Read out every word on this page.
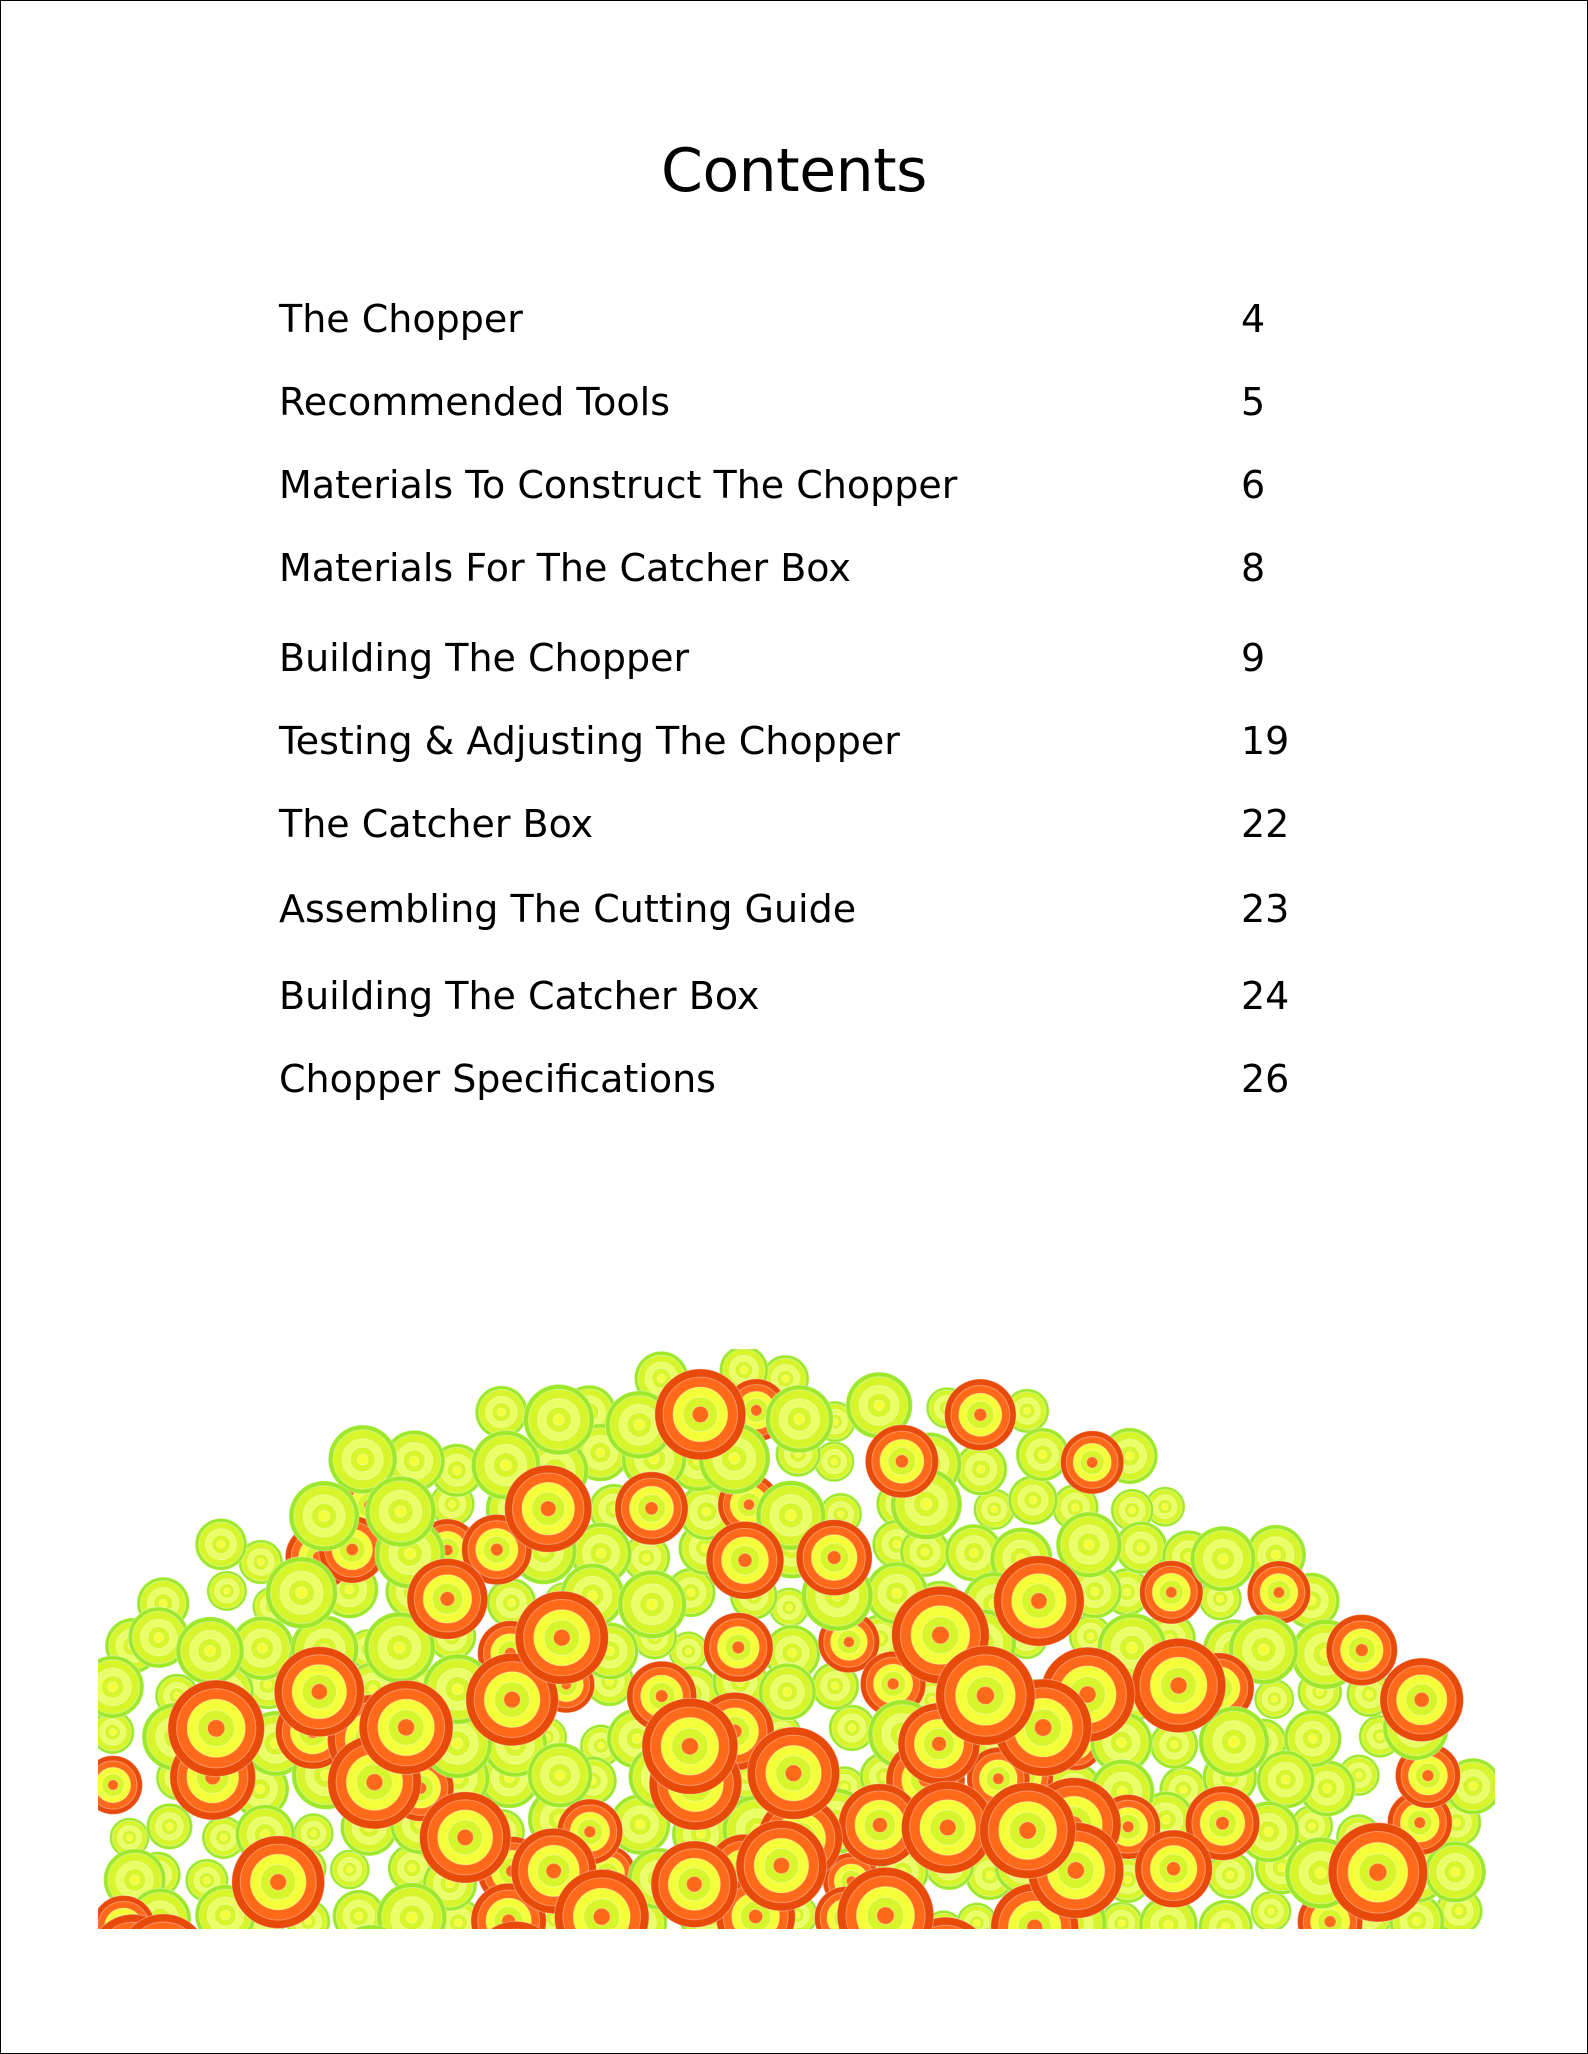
Contents
The Chopper	4
Recommended Tools	5
Materials To Construct The Chopper	6
Materials For The Catcher Box	8
Building The Chopper	9
Testing & Adjusting The Chopper	19
The Catcher Box	22
Assembling The Cutting Guide	23
Building The Catcher Box	24
Chopper Specifications	26
